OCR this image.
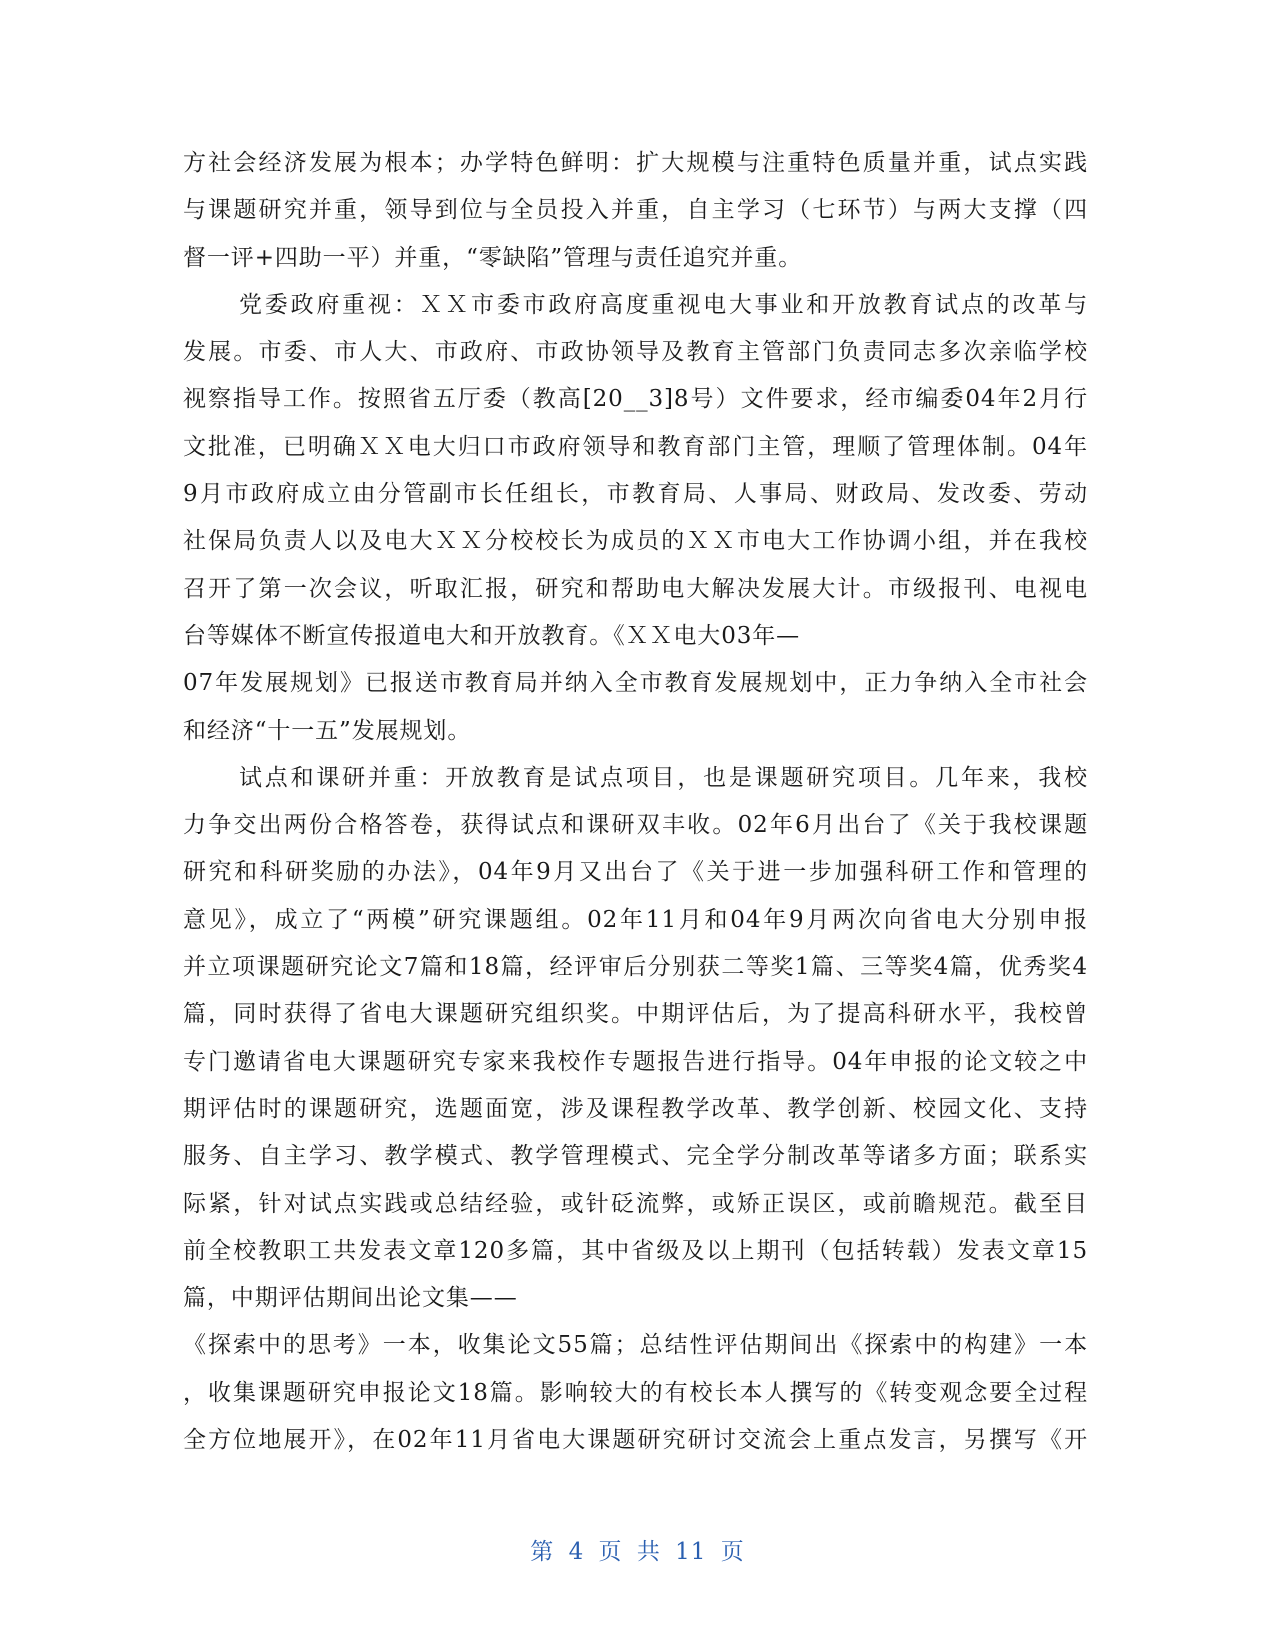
方社会经济发展为根本；办学特色鲜明：扩大规模与注重特色质量并重，试点实践
与课题研究并重，领导到位与全员投入并重，自主学习（七环节）与两大支撑（四
督一评+四助一平）并重，“零缺陷”管理与责任追究并重。
党委政府重视：ＸＸ市委市政府高度重视电大事业和开放教育试点的改革与
发展。市委、市人大、市政府、市政协领导及教育主管部门负责同志多次亲临学校
视察指导工作。按照省五厅委（教高[20__3]8号）文件要求，经市编委04年2月行
文批准，已明确ＸＸ电大归口市政府领导和教育部门主管，理顺了管理体制。04年
9月市政府成立由分管副市长任组长，市教育局、人事局、财政局、发改委、劳动
社保局负责人以及电大ＸＸ分校校长为成员的ＸＸ市电大工作协调小组，并在我校
召开了第一次会议，听取汇报，研究和帮助电大解决发展大计。市级报刊、电视电
台等媒体不断宣传报道电大和开放教育。《ＸＸ电大03年—
07年发展规划》已报送市教育局并纳入全市教育发展规划中，正力争纳入全市社会
和经济“十一五”发展规划。
试点和课研并重：开放教育是试点项目，也是课题研究项目。几年来，我校
力争交出两份合格答卷，获得试点和课研双丰收。02年6月出台了《关于我校课题
研究和科研奖励的办法》，04年9月又出台了《关于进一步加强科研工作和管理的
意见》，成立了“两模”研究课题组。02年11月和04年9月两次向省电大分别申报
并立项课题研究论文7篇和18篇，经评审后分别获二等奖1篇、三等奖4篇，优秀奖4
篇，同时获得了省电大课题研究组织奖。中期评估后，为了提高科研水平，我校曾
专门邀请省电大课题研究专家来我校作专题报告进行指导。04年申报的论文较之中
期评估时的课题研究，选题面宽，涉及课程教学改革、教学创新、校园文化、支持
服务、自主学习、教学模式、教学管理模式、完全学分制改革等诸多方面；联系实
际紧，针对试点实践或总结经验，或针砭流弊，或矫正误区，或前瞻规范。截至目
前全校教职工共发表文章120多篇，其中省级及以上期刊（包括转载）发表文章15
篇，中期评估期间出论文集——
《探索中的思考》一本，收集论文55篇；总结性评估期间出《探索中的构建》一本
，收集课题研究申报论文18篇。影响较大的有校长本人撰写的《转变观念要全过程
全方位地展开》，在02年11月省电大课题研究研讨交流会上重点发言，另撰写《开
第 4 页 共 11 页
